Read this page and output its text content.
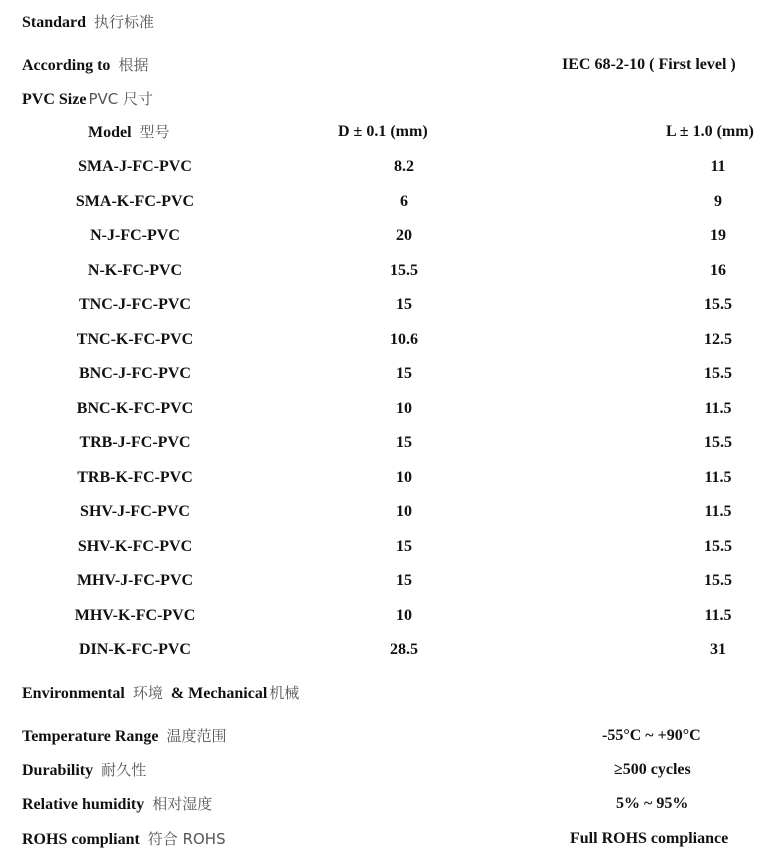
Standard 执行标准
According to 根据	IEC 68-2-10 ( First level )
PVC Size PVC 尺寸
Model 型号	D ± 0.1 (mm)	L ± 1.0 (mm)
SMA-J-FC-PVC	8.2	11
SMA-K-FC-PVC	6	9
N-J-FC-PVC	20	19
N-K-FC-PVC	15.5	16
TNC-J-FC-PVC	15	15.5
TNC-K-FC-PVC	10.6	12.5
BNC-J-FC-PVC	15	15.5
BNC-K-FC-PVC	10	11.5
TRB-J-FC-PVC	15	15.5
TRB-K-FC-PVC	10	11.5
SHV-J-FC-PVC	10	11.5
SHV-K-FC-PVC	15	15.5
MHV-J-FC-PVC	15	15.5
MHV-K-FC-PVC	10	11.5
DIN-K-FC-PVC	28.5	31
Environmental 环境 & Mechanical 机械
Temperature Range 温度范围	-55°C ~ +90°C
Durability 耐久性	≥500 cycles
Relative humidity 相对湿度	5% ~ 95%
ROHS compliant 符合 ROHS	Full ROHS compliance
